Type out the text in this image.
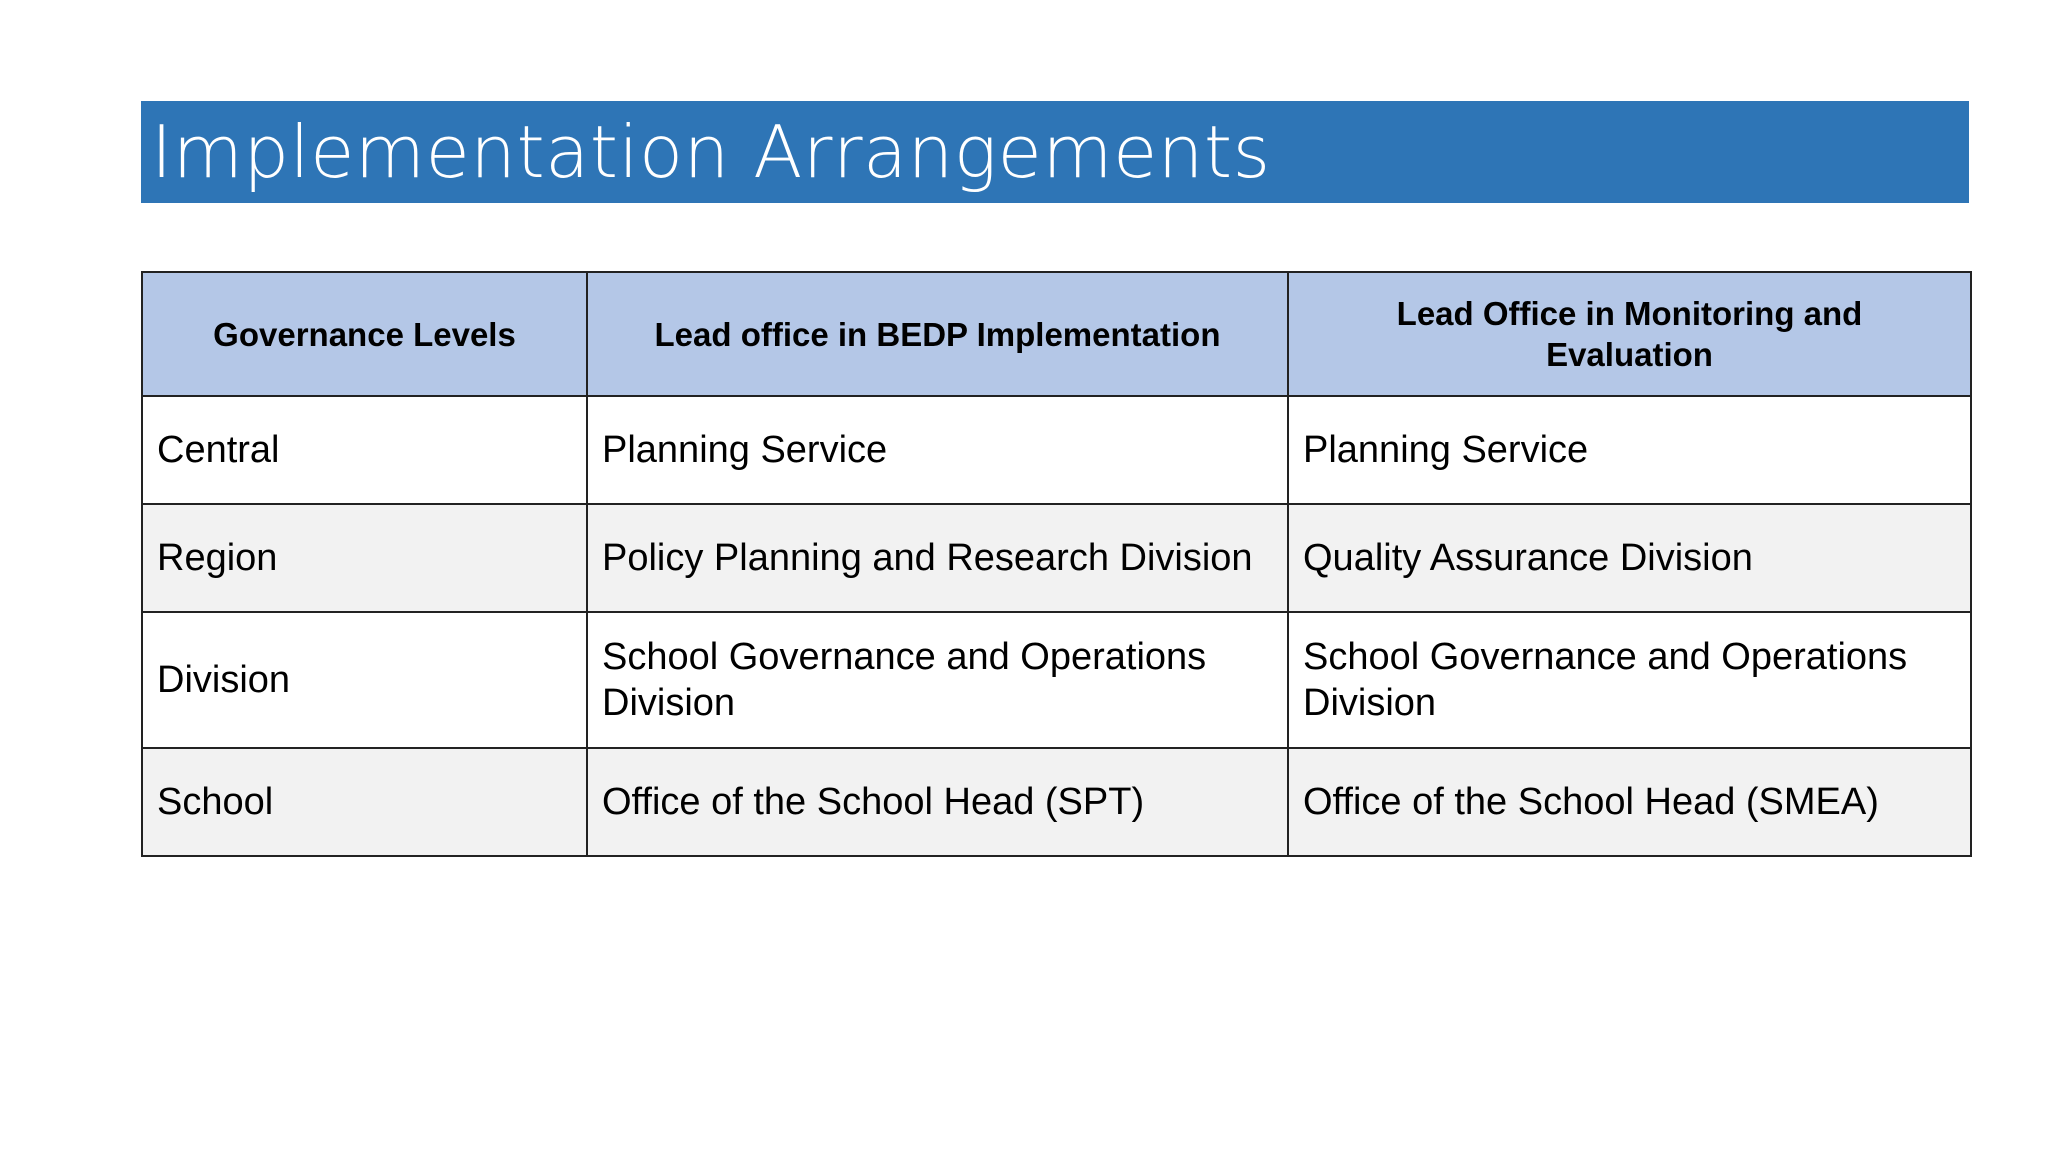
Implementation Arrangements
Governance Levels	Lead office in BEDP Implementation	Lead Office in Monitoring and Evaluation
Central	Planning Service	Planning Service
Region	Policy Planning and Research Division	Quality Assurance Division
Division	School Governance and Operations Division	School Governance and Operations Division
School	Office of the School Head (SPT)	Office of the School Head (SMEA)
